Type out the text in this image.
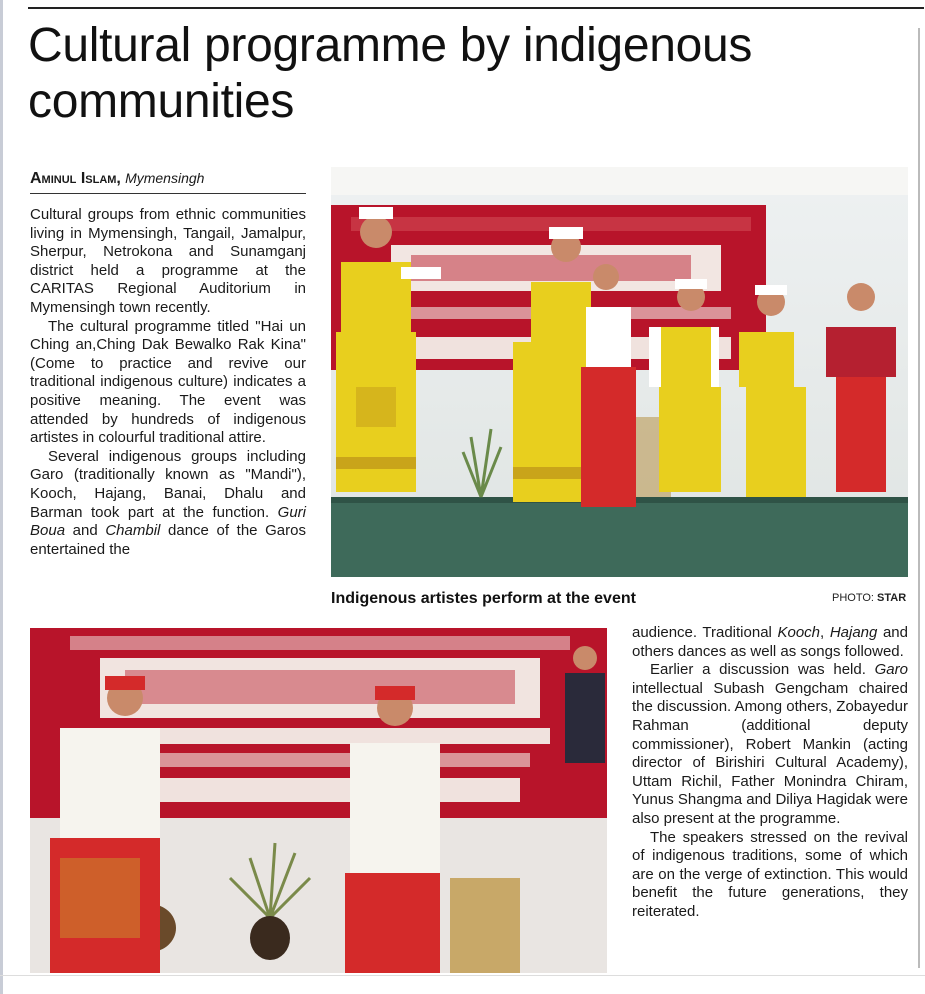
Cultural programme by indigenous communities
Aminul Islam, Mymensingh

Cultural groups from ethnic communities living in Mymensingh, Tangail, Jamalpur, Sherpur, Netrokona and Sunamganj district held a programme at the CARITAS Regional Auditorium in Mymensingh town recently.

The cultural programme titled "Hai un Ching an,Ching Dak Bewalko Rak Kina" (Come to practice and revive our traditional indigenous culture) indicates a positive meaning. The event was attended by hundreds of indigenous artistes in colourful traditional attire.

Several indigenous groups including Garo (traditionally known as "Mandi"), Kooch, Hajang, Banai, Dhalu and Barman took part at the function. Guri Boua and Chambil dance of the Garos entertained the

Indigenous artistes perform at the event	PHOTO: STAR

audience. Traditional Kooch, Hajang and others dances as well as songs followed.

Earlier a discussion was held. Garo intellectual Subash Gengcham chaired the discussion. Among others, Zobayedur Rahman (additional deputy commissioner), Robert Mankin (acting director of Birishiri Cultural Academy), Uttam Richil, Father Monindra Chiram, Yunus Shangma and Diliya Hagidak were also present at the programme.

The speakers stressed on the revival of indigenous traditions, some of which are on the verge of extinction. This would benefit the future generations, they reiterated.
